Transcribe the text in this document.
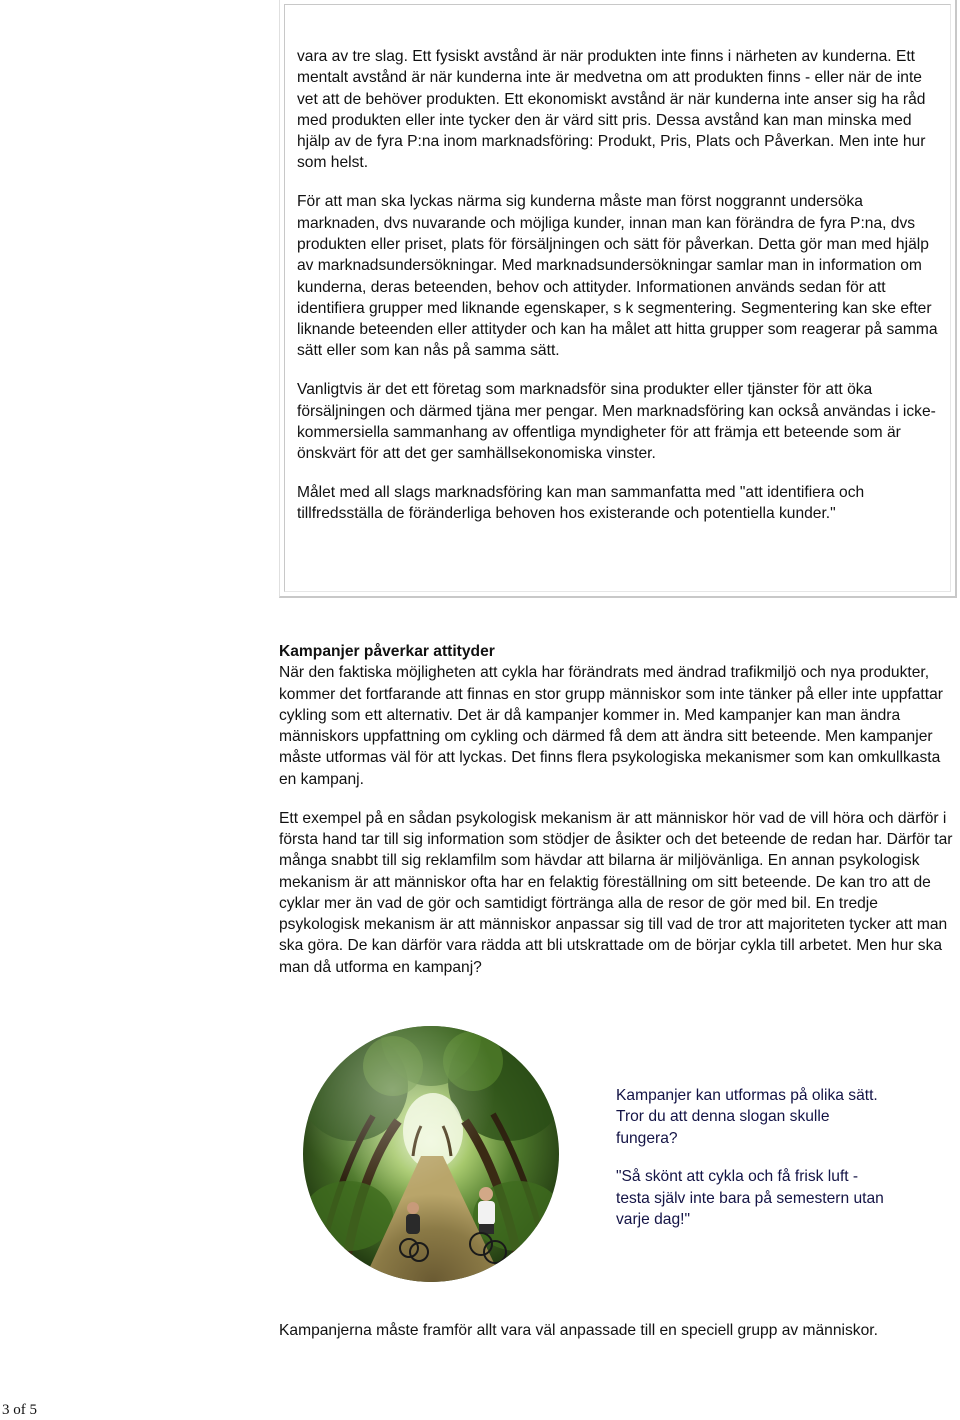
vara av tre slag. Ett fysiskt avstånd är när produkten inte finns i närheten av kunderna. Ett mentalt avstånd är när kunderna inte är medvetna om att produkten finns - eller när de inte vet att de behöver produkten. Ett ekonomiskt avstånd är när kunderna inte anser sig ha råd med produkten eller inte tycker den är värd sitt pris. Dessa avstånd kan man minska med hjälp av de fyra P:na inom marknadsföring: Produkt, Pris, Plats och Påverkan. Men inte hur som helst.

För att man ska lyckas närma sig kunderna måste man först noggrannt undersöka marknaden, dvs nuvarande och möjliga kunder, innan man kan förändra de fyra P:na, dvs produkten eller priset, plats för försäljningen och sätt för påverkan. Detta gör man med hjälp av marknadsundersökningar. Med marknadsundersökningar samlar man in information om kunderna, deras beteenden, behov och attityder. Informationen används sedan för att identifiera grupper med liknande egenskaper, s k segmentering. Segmentering kan ske efter liknande beteenden eller attityder och kan ha målet att hitta grupper som reagerar på samma sätt eller som kan nås på samma sätt.

Vanligtvis är det ett företag som marknadsför sina produkter eller tjänster för att öka försäljningen och därmed tjäna mer pengar. Men marknadsföring kan också användas i icke-kommersiella sammanhang av offentliga myndigheter för att främja ett beteende som är önskvärt för att det ger samhällsekonomiska vinster.

Målet med all slags marknadsföring kan man sammanfatta med "att identifiera och tillfredsställa de föränderliga behoven hos existerande och potentiella kunder."

Kampanjer påverkar attityder

När den faktiska möjligheten att cykla har förändrats med ändrad trafikmiljö och nya produkter, kommer det fortfarande att finnas en stor grupp människor som inte tänker på eller inte uppfattar cykling som ett alternativ. Det är då kampanjer kommer in. Med kampanjer kan man ändra människors uppfattning om cykling och därmed få dem att ändra sitt beteende. Men kampanjer måste utformas väl för att lyckas. Det finns flera psykologiska mekanismer som kan omkullkasta en kampanj.

Ett exempel på en sådan psykologisk mekanism är att människor hör vad de vill höra och därför i första hand tar till sig information som stödjer de åsikter och det beteende de redan har. Därför tar många snabbt till sig reklamfilm som hävdar att bilarna är miljövänliga. En annan psykologisk mekanism är att människor ofta har en felaktig föreställning om sitt beteende. De kan tro att de cyklar mer än vad de gör och samtidigt förtränga alla de resor de gör med bil. En tredje psykologisk mekanism är att människor anpassar sig till vad de tror att majoriteten tycker att man ska göra. De kan därför vara rädda att bli utskrattade om de börjar cykla till arbetet. Men hur ska man då utforma en kampanj?

Kampanjer kan utformas på olika sätt. Tror du att denna slogan skulle fungera?

"Så skönt att cykla och få frisk luft - testa själv inte bara på semestern utan varje dag!"

Kampanjerna måste framför allt vara väl anpassade till en speciell grupp av människor.
3 of 5
